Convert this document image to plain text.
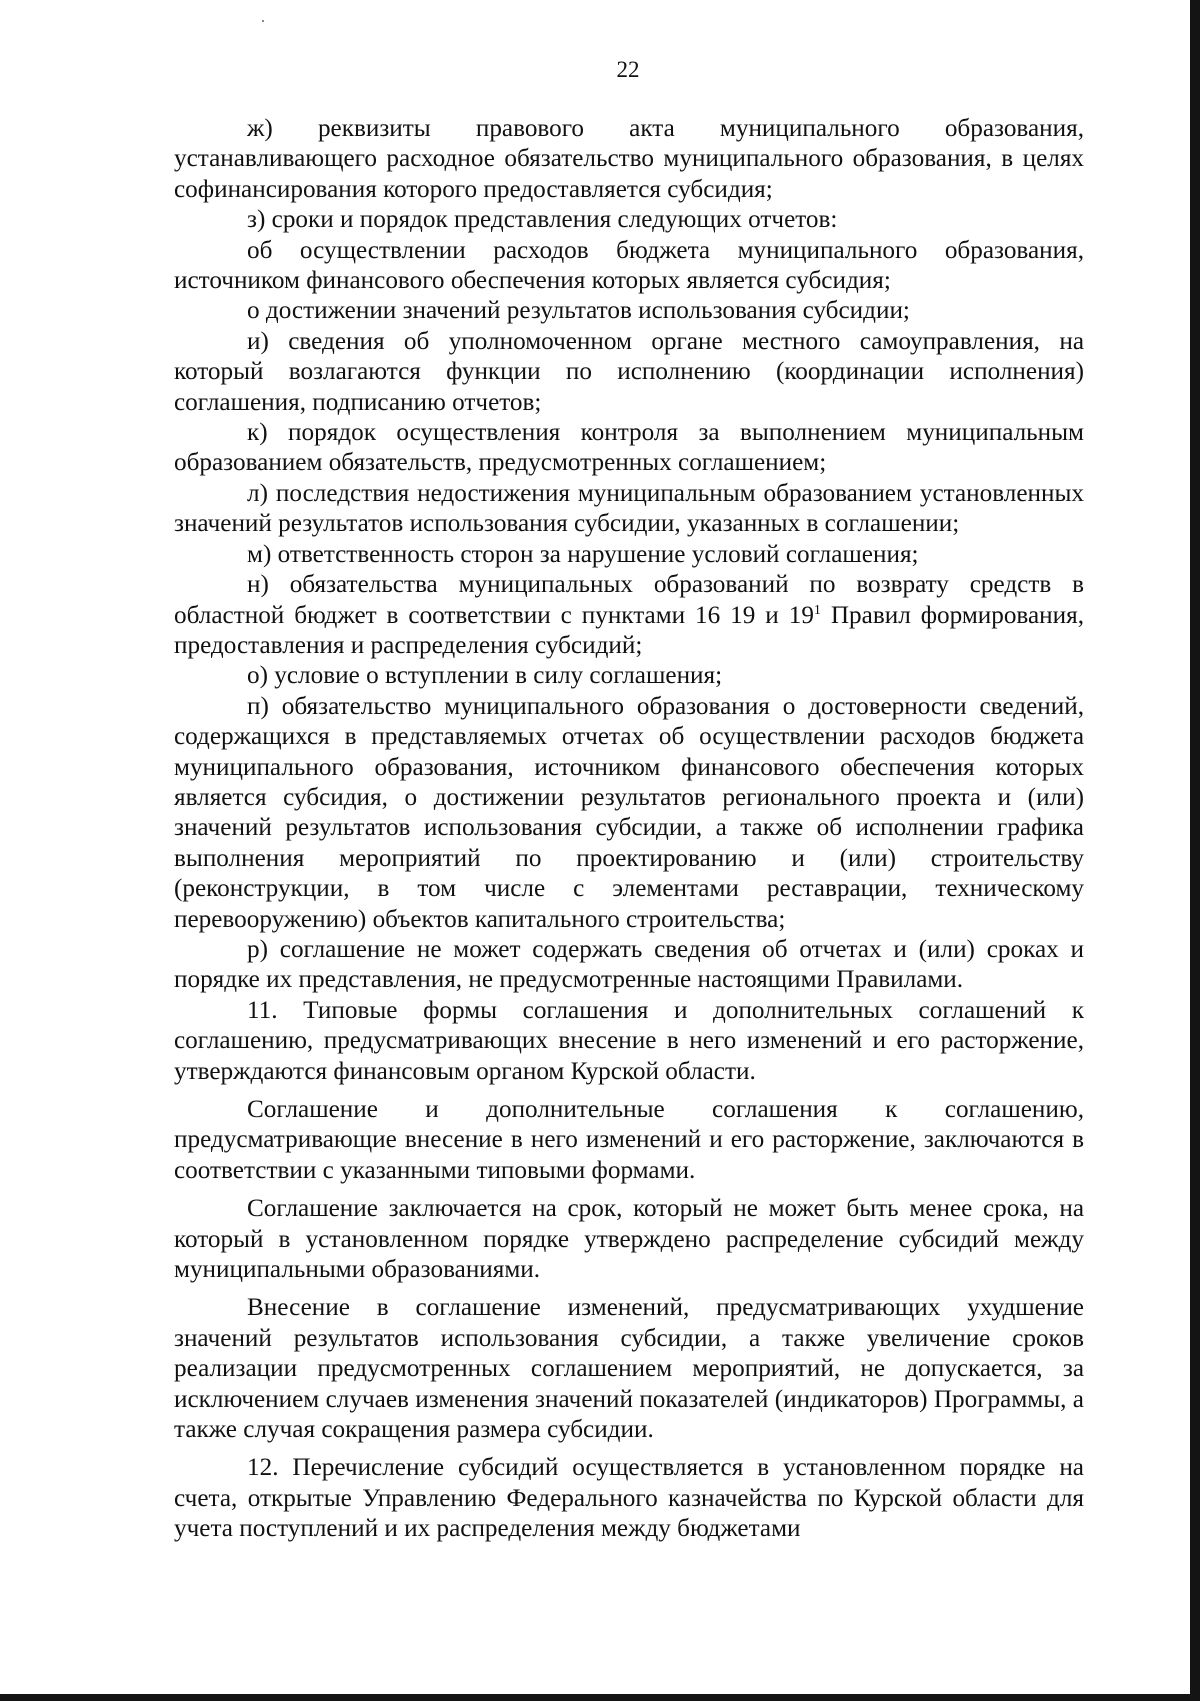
22

ж) реквизиты правового акта муниципального образования, устанавливающего расходное обязательство муниципального образования, в целях софинансирования которого предоставляется субсидия;

з) сроки и порядок представления следующих отчетов:

об осуществлении расходов бюджета муниципального образования, источником финансового обеспечения которых является субсидия;

о достижении значений результатов использования субсидии;

и) сведения об уполномоченном органе местного самоуправления, на который возлагаются функции по исполнению (координации исполнения) соглашения, подписанию отчетов;

к) порядок осуществления контроля за выполнением муниципальным образованием обязательств, предусмотренных соглашением;

л) последствия недостижения муниципальным образованием установленных значений результатов использования субсидии, указанных в соглашении;

м) ответственность сторон за нарушение условий соглашения;

н) обязательства муниципальных образований по возврату средств в областной бюджет в соответствии с пунктами 16 19 и $19^1$ Правил формирования, предоставления и распределения субсидий;

о) условие о вступлении в силу соглашения;

п) обязательство муниципального образования о достоверности сведений, содержащихся в представляемых отчетах об осуществлении расходов бюджета муниципального образования, источником финансового обеспечения которых является субсидия, о достижении результатов регионального проекта и (или) значений результатов использования субсидии, а также об исполнении графика выполнения мероприятий по проектированию и (или) строительству (реконструкции, в том числе с элементами реставрации, техническому перевооружению) объектов капитального строительства;

р) соглашение не может содержать сведения об отчетах и (или) сроках и порядке их представления, не предусмотренные настоящими Правилами.

11. Типовые формы соглашения и дополнительных соглашений к соглашению, предусматривающих внесение в него изменений и его расторжение, утверждаются финансовым органом Курской области.

Соглашение и дополнительные соглашения к соглашению, предусматривающие внесение в него изменений и его расторжение, заключаются в соответствии с указанными типовыми формами.

Соглашение заключается на срок, который не может быть менее срока, на который в установленном порядке утверждено распределение субсидий между муниципальными образованиями.

Внесение в соглашение изменений, предусматривающих ухудшение значений результатов использования субсидии, а также увеличение сроков реализации предусмотренных соглашением мероприятий, не допускается, за исключением случаев изменения значений показателей (индикаторов) Программы, а также случая сокращения размера субсидии.

12. Перечисление субсидий осуществляется в установленном порядке на счета, открытые Управлению Федерального казначейства по Курской области для учета поступлений и их распределения между бюджетами
